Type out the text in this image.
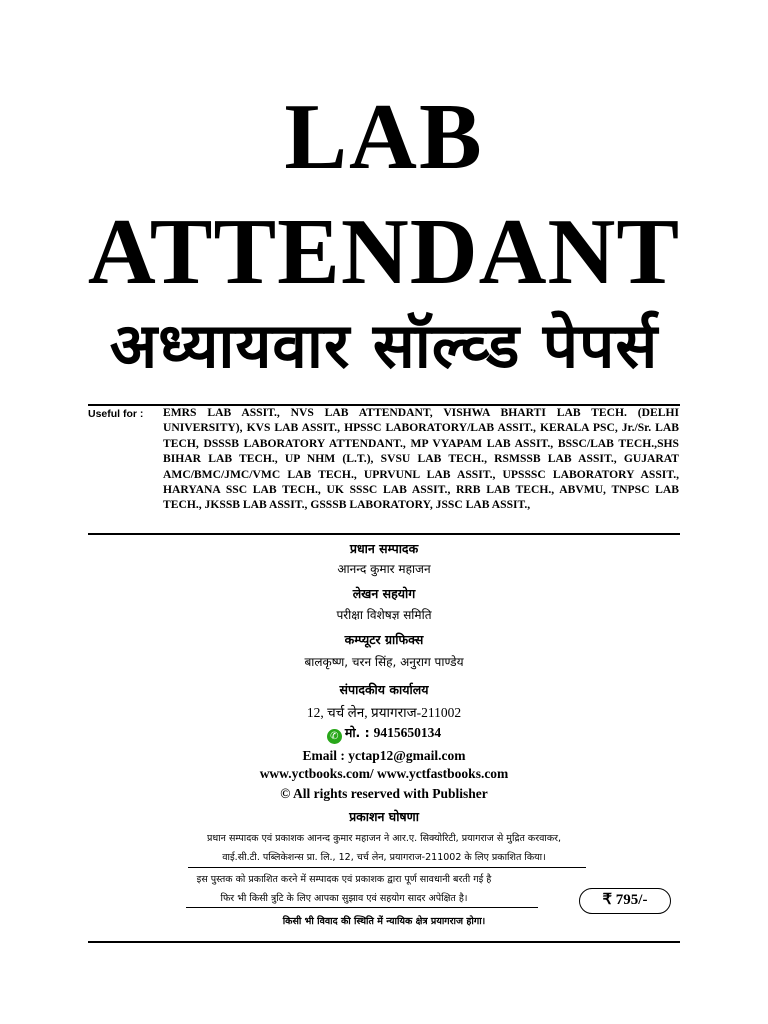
LAB
ATTENDANT
अध्यायवार सॉल्व्ड पेपर्स
Useful for : EMRS LAB ASSIT., NVS LAB ATTENDANT, VISHWA BHARTI LAB TECH. (DELHI UNIVERSITY), KVS LAB ASSIT., HPSSC LABORATORY/LAB ASSIT., KERALA PSC, Jr./Sr. LAB TECH, DSSSB LABORATORY ATTENDANT., MP VYAPAM LAB ASSIT., BSSC/LAB TECH.,SHS BIHAR LAB TECH., UP NHM (L.T.), SVSU LAB TECH., RSMSSB LAB ASSIT., GUJARAT AMC/BMC/JMC/VMC LAB TECH., UPRVUNL LAB ASSIT., UPSSSC LABORATORY ASSIT., HARYANA SSC LAB TECH., UK SSSC LAB ASSIT., RRB LAB TECH., ABVMU, TNPSC LAB TECH., JKSSB LAB ASSIT., GSSSB LABORATORY, JSSC LAB ASSIT.,
प्रधान सम्पादक
आनन्द कुमार महाजन
लेखन सहयोग
परीक्षा विशेषज्ञ समिति
कम्प्यूटर ग्राफिक्स
बालकृष्ण, चरन सिंह, अनुराग पाण्डेय
संपादकीय कार्यालय
12, चर्च लेन, प्रयागराज-211002
✆ मो. : 9415650134
Email : yctap12@gmail.com
www.yctbooks.com/ www.yctfastbooks.com
© All rights reserved with Publisher
प्रकाशन घोषणा
प्रधान सम्पादक एवं प्रकाशक आनन्द कुमार महाजन ने आर.ए. सिक्योरिटी, प्रयागराज से मुद्रित करवाकर,
वाई.सी.टी. पब्लिकेशन्स प्रा. लि., 12, चर्च लेन, प्रयागराज-211002 के लिए प्रकाशित किया।
इस पुस्तक को प्रकाशित करने में सम्पादक एवं प्रकाशक द्वारा पूर्ण सावधानी बरती गई है
फिर भी किसी त्रुटि के लिए आपका सुझाव एवं सहयोग सादर अपेक्षित है।	₹ 795/-
किसी भी विवाद की स्थिति में न्यायिक क्षेत्र प्रयागराज होगा।
